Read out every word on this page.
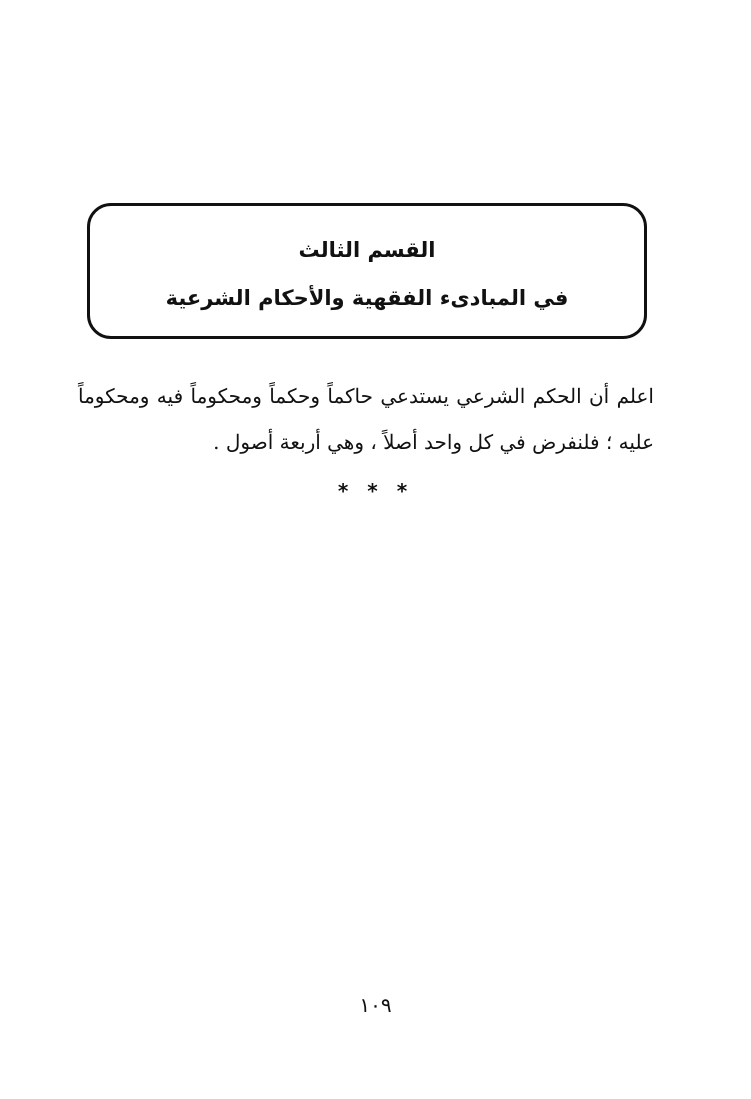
القسم الثالث
في المبادىء الفقهية والأحكام الشرعية

اعلم أن الحكم الشرعي يستدعي حاكماً وحكماً ومحكوماً فيه ومحكوماً عليه ؛ فلنفرض في كل واحد أصلاً ، وهي أربعة أصول .

* * *
١٠٩
